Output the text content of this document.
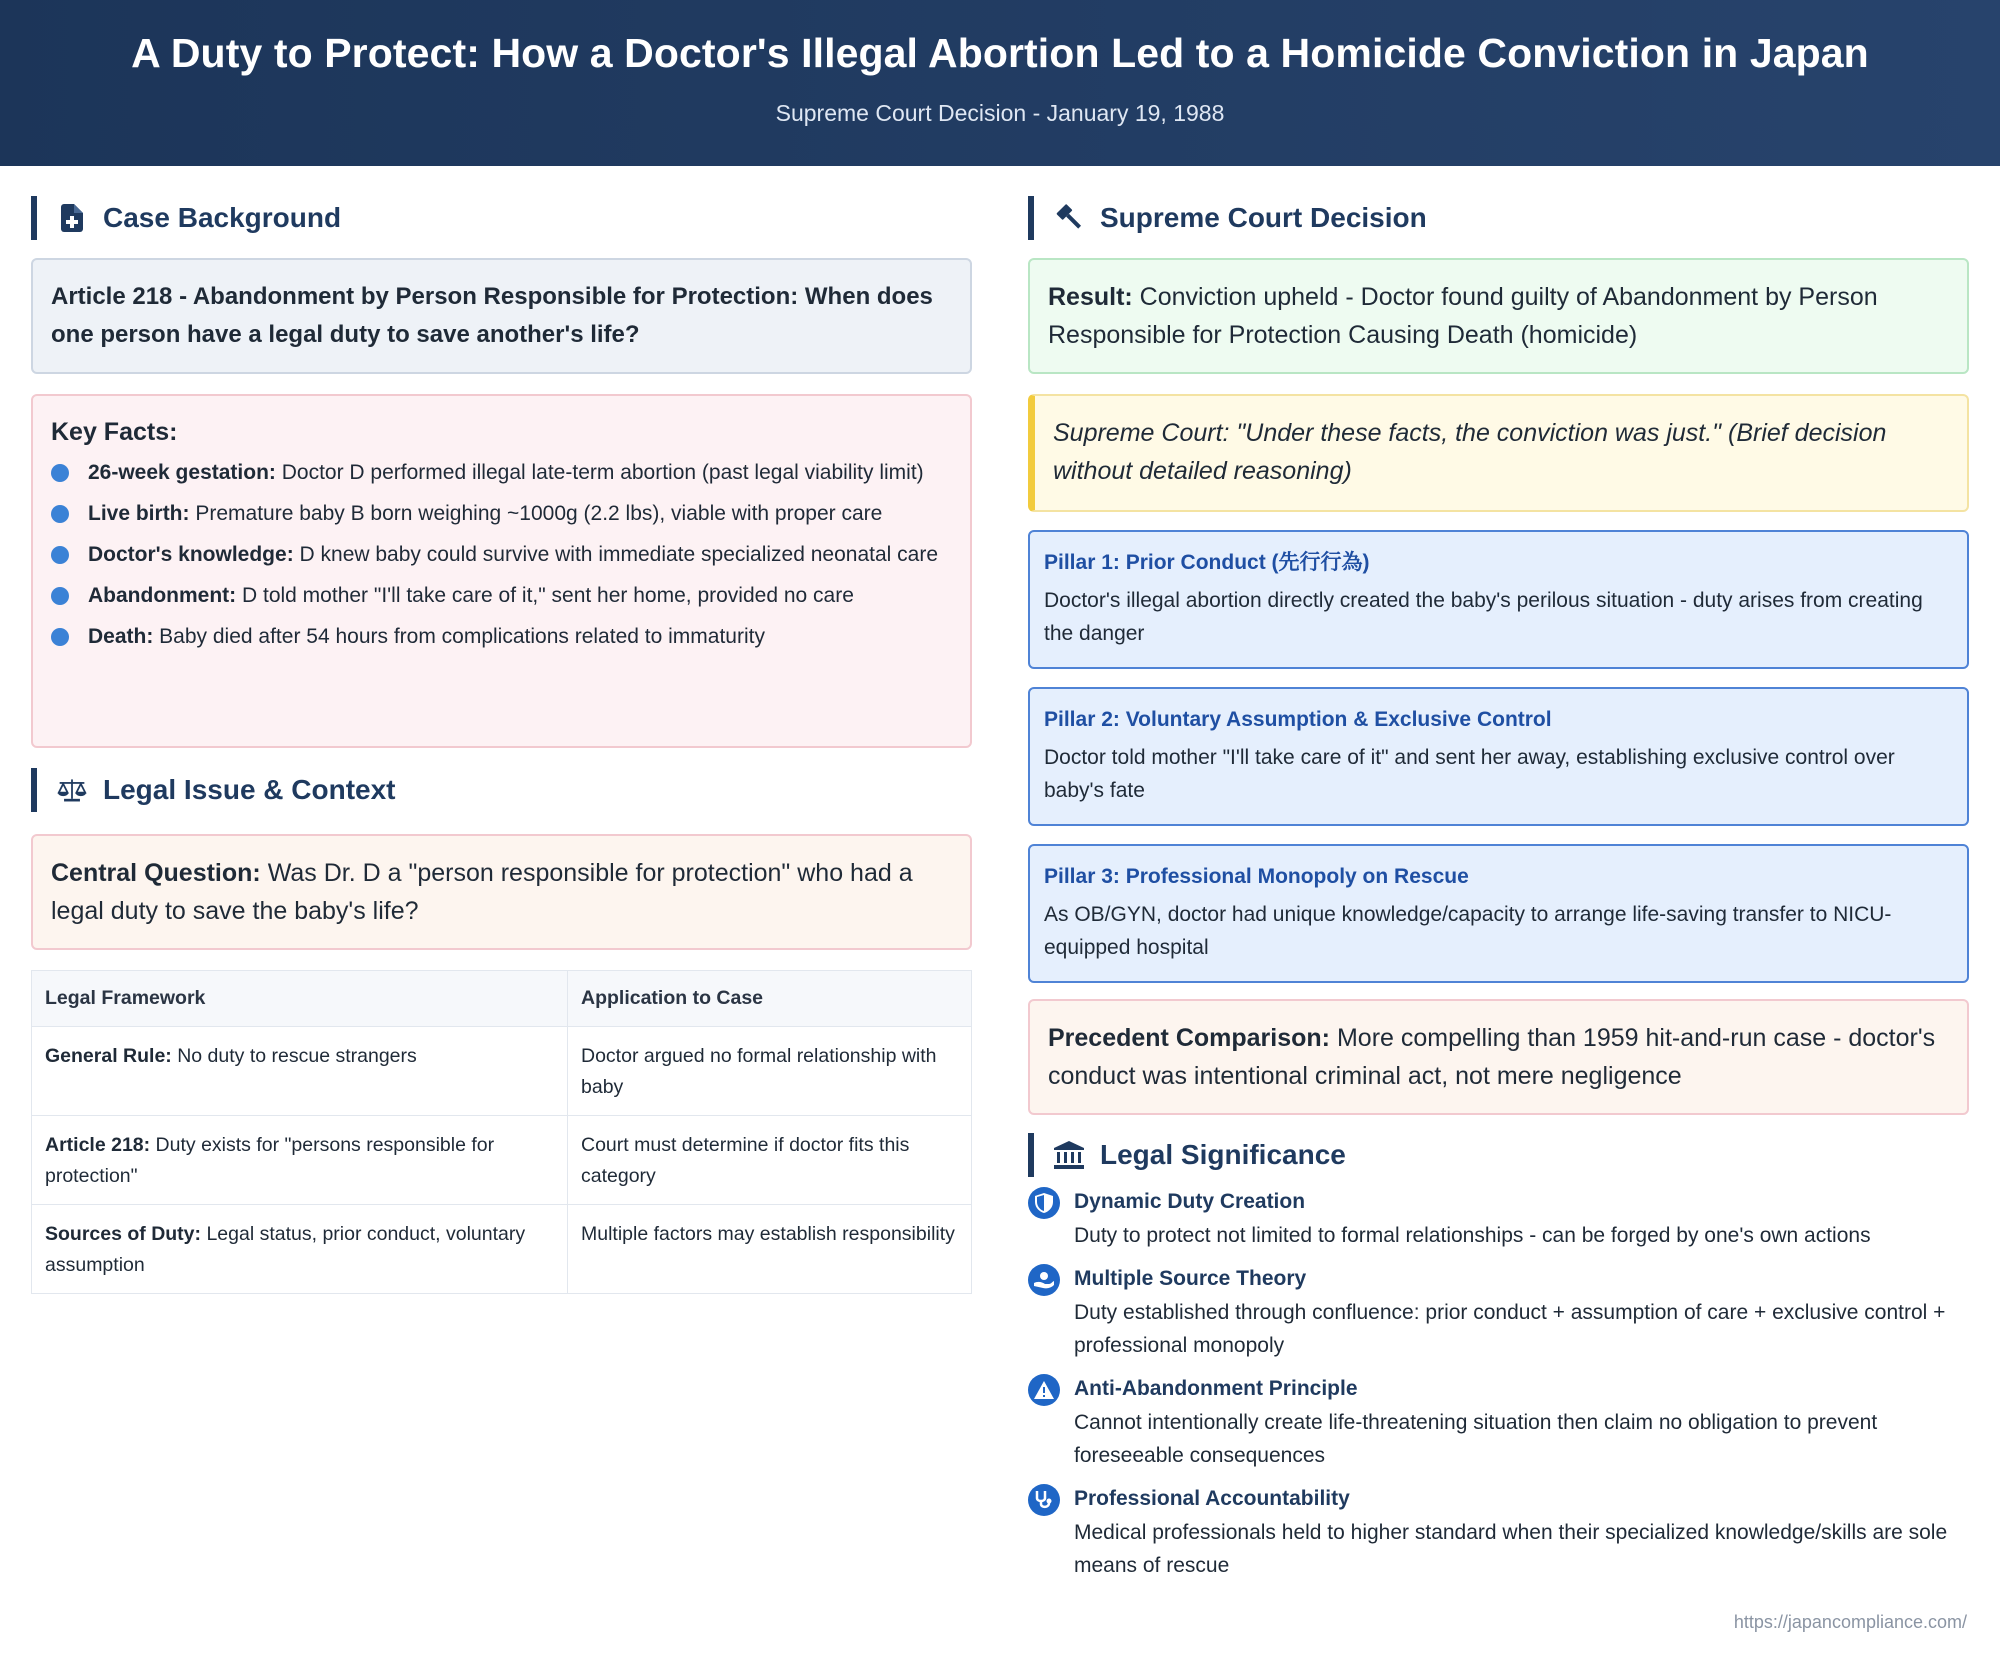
A Duty to Protect: How a Doctor's Illegal Abortion Led to a Homicide Conviction in Japan
Supreme Court Decision - January 19, 1988
Case Background
Article 218 - Abandonment by Person Responsible for Protection: When does one person have a legal duty to save another's life?
Key Facts:
26-week gestation: Doctor D performed illegal late-term abortion (past legal viability limit)
Live birth: Premature baby B born weighing ~1000g (2.2 lbs), viable with proper care
Doctor's knowledge: D knew baby could survive with immediate specialized neonatal care
Abandonment: D told mother "I'll take care of it," sent her home, provided no care
Death: Baby died after 54 hours from complications related to immaturity
Legal Issue & Context
Central Question: Was Dr. D a "person responsible for protection" who had a legal duty to save the baby's life?
Legal Framework	Application to Case
General Rule: No duty to rescue strangers	Doctor argued no formal relationship with baby
Article 218: Duty exists for "persons responsible for protection"	Court must determine if doctor fits this category
Sources of Duty: Legal status, prior conduct, voluntary assumption	Multiple factors may establish responsibility
Supreme Court Decision
Result: Conviction upheld - Doctor found guilty of Abandonment by Person Responsible for Protection Causing Death (homicide)
Supreme Court: "Under these facts, the conviction was just." (Brief decision without detailed reasoning)
Pillar 1: Prior Conduct (先行行為)
Doctor's illegal abortion directly created the baby's perilous situation - duty arises from creating the danger
Pillar 2: Voluntary Assumption & Exclusive Control
Doctor told mother "I'll take care of it" and sent her away, establishing exclusive control over baby's fate
Pillar 3: Professional Monopoly on Rescue
As OB/GYN, doctor had unique knowledge/capacity to arrange life-saving transfer to NICU-equipped hospital
Precedent Comparison: More compelling than 1959 hit-and-run case - doctor's conduct was intentional criminal act, not mere negligence
Legal Significance
Dynamic Duty Creation
Duty to protect not limited to formal relationships - can be forged by one's own actions
Multiple Source Theory
Duty established through confluence: prior conduct + assumption of care + exclusive control + professional monopoly
Anti-Abandonment Principle
Cannot intentionally create life-threatening situation then claim no obligation to prevent foreseeable consequences
Professional Accountability
Medical professionals held to higher standard when their specialized knowledge/skills are sole means of rescue
https://japancompliance.com/
